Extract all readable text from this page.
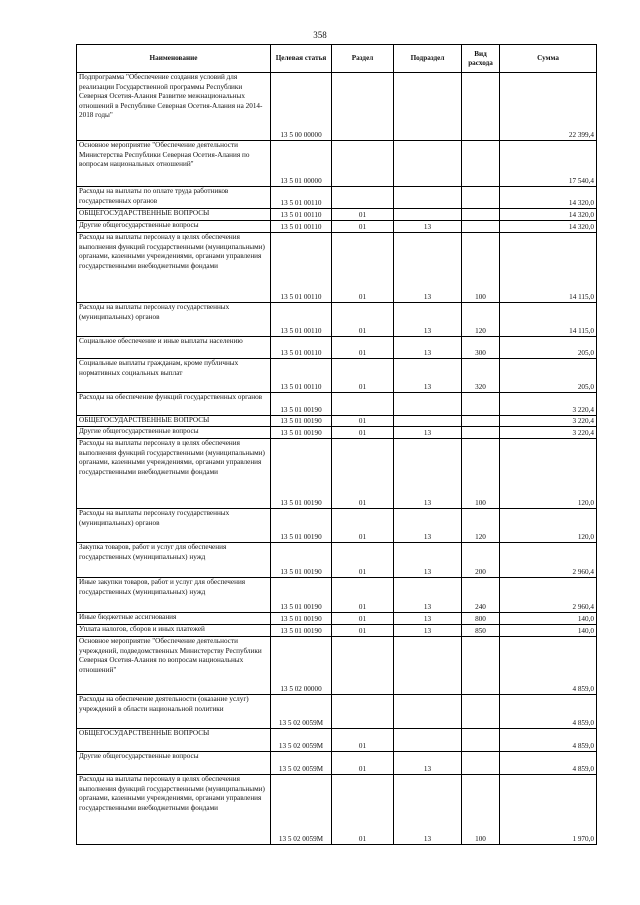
358
Наименование	Целевая статья	Раздел	Подраздел	Вид расхода	Сумма
Подпрограмма "Обеспечение создания условий для реализации Государственной программы Республики Северная Осетия-Алания Развитие межнациональных отношений в Республике Северная Осетия-Алания на 2014-2018 годы"	13 5 00 00000				22 399,4
Основное мероприятие "Обеспечение деятельности Министерства Республики Северная Осетия-Алания по вопросам национальных отношений"	13 5 01 00000				17 540,4
Расходы на выплаты по оплате труда работников государственных органов	13 5 01 00110				14 320,0
ОБЩЕГОСУДАРСТВЕННЫЕ ВОПРОСЫ	13 5 01 00110	01			14 320,0
Другие общегосударственные вопросы	13 5 01 00110	01	13		14 320,0
Расходы на выплаты персоналу в целях обеспечения выполнения функций государственными (муниципальными) органами, казенными учреждениями, органами управления государственными внебюджетными фондами	13 5 01 00110	01	13	100	14 115,0
Расходы на выплаты персоналу государственных (муниципальных) органов	13 5 01 00110	01	13	120	14 115,0
Социальное обеспечение и иные выплаты населению	13 5 01 00110	01	13	300	205,0
Социальные выплаты гражданам, кроме публичных нормативных социальных выплат	13 5 01 00110	01	13	320	205,0
Расходы на обеспечение функций государственных органов	13 5 01 00190				3 220,4
ОБЩЕГОСУДАРСТВЕННЫЕ ВОПРОСЫ	13 5 01 00190	01			3 220,4
Другие общегосударственные вопросы	13 5 01 00190	01	13		3 220,4
Расходы на выплаты персоналу в целях обеспечения выполнения функций государственными (муниципальными) органами, казенными учреждениями, органами управления государственными внебюджетными фондами	13 5 01 00190	01	13	100	120,0
Расходы на выплаты персоналу государственных (муниципальных) органов	13 5 01 00190	01	13	120	120,0
Закупка товаров, работ и услуг для обеспечения государственных (муниципальных) нужд	13 5 01 00190	01	13	200	2 960,4
Иные закупки товаров, работ и услуг для обеспечения государственных (муниципальных) нужд	13 5 01 00190	01	13	240	2 960,4
Иные бюджетные ассигнования	13 5 01 00190	01	13	800	140,0
Уплата налогов, сборов и иных платежей	13 5 01 00190	01	13	850	140,0
Основное мероприятие "Обеспечение деятельности учреждений, подведомственных Министерству Республики Северная Осетия-Алания по вопросам национальных отношений"	13 5 02 00000				4 859,0
Расходы на обеспечение деятельности (оказание услуг) учреждений в области национальной политики	13 5 02 0059М				4 859,0
ОБЩЕГОСУДАРСТВЕННЫЕ ВОПРОСЫ	13 5 02 0059М	01			4 859,0
Другие общегосударственные вопросы	13 5 02 0059М	01	13		4 859,0
Расходы на выплаты персоналу в целях обеспечения выполнения функций государственными (муниципальными) органами, казенными учреждениями, органами управления государственными внебюджетными фондами	13 5 02 0059М	01	13	100	1 970,0
